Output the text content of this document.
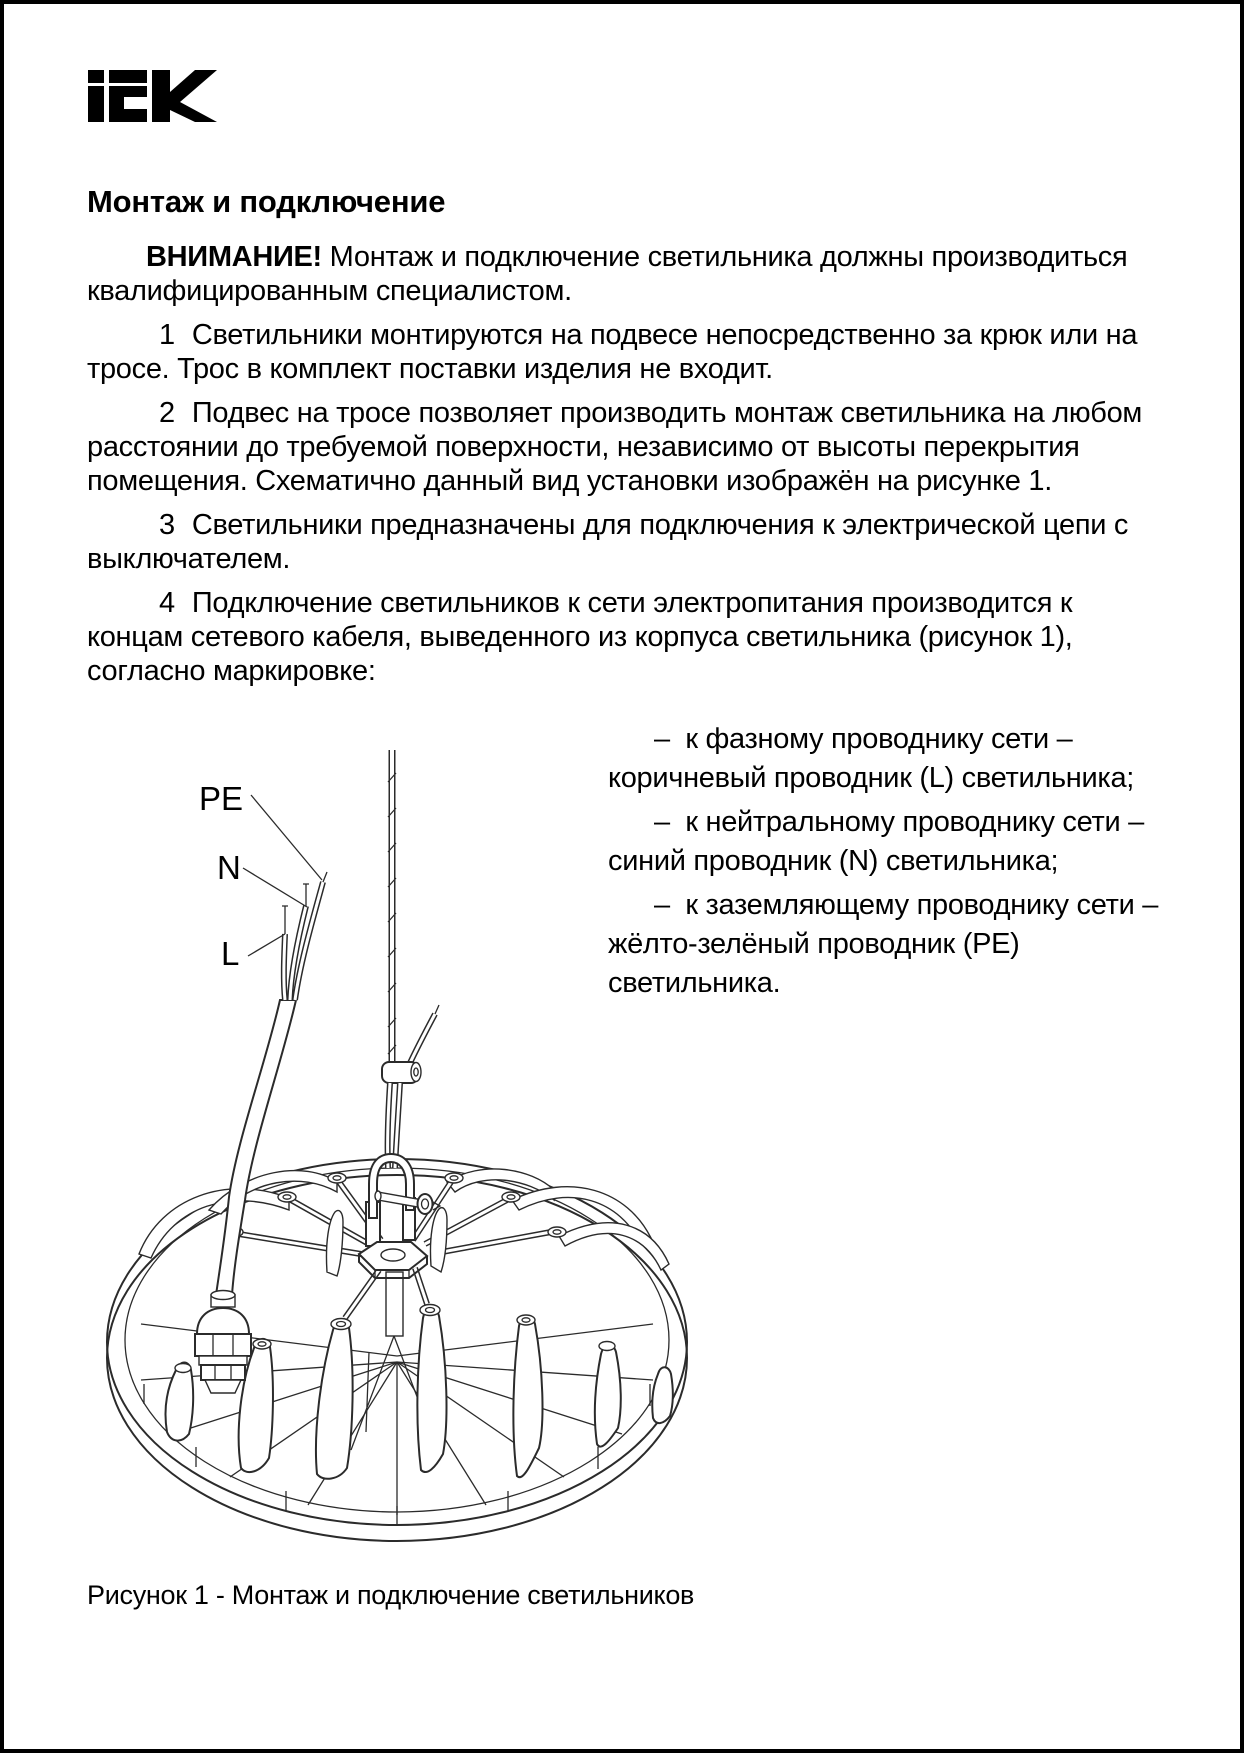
Монтаж и подключение

ВНИМАНИЕ! Монтаж и подключение светильника должны производиться квалифицированным специалистом.

1 Светильники монтируются на подвесе непосредственно за крюк или на тросе. Трос в комплект поставки изделия не входит.

2 Подвес на тросе позволяет производить монтаж светильника на любом расстоянии до требуемой поверхности, независимо от высоты перекрытия помещения. Схематично данный вид установки изображён на рисунке 1.

3 Светильники предназначены для подключения к электрической цепи с выключателем.

4 Подключение светильников к сети электропитания производится к концам сетевого кабеля, выведенного из корпуса светильника (рисунок 1), согласно маркировке:

–  к фазному проводнику сети – коричневый проводник (L) светильника;

–  к нейтральному проводнику сети – синий проводник (N) светильника;

–  к заземляющему проводнику сети – жёлто-зелёный проводник (PE) светильника.

PE
N
L
Рисунок 1 - Монтаж и подключение светильников
